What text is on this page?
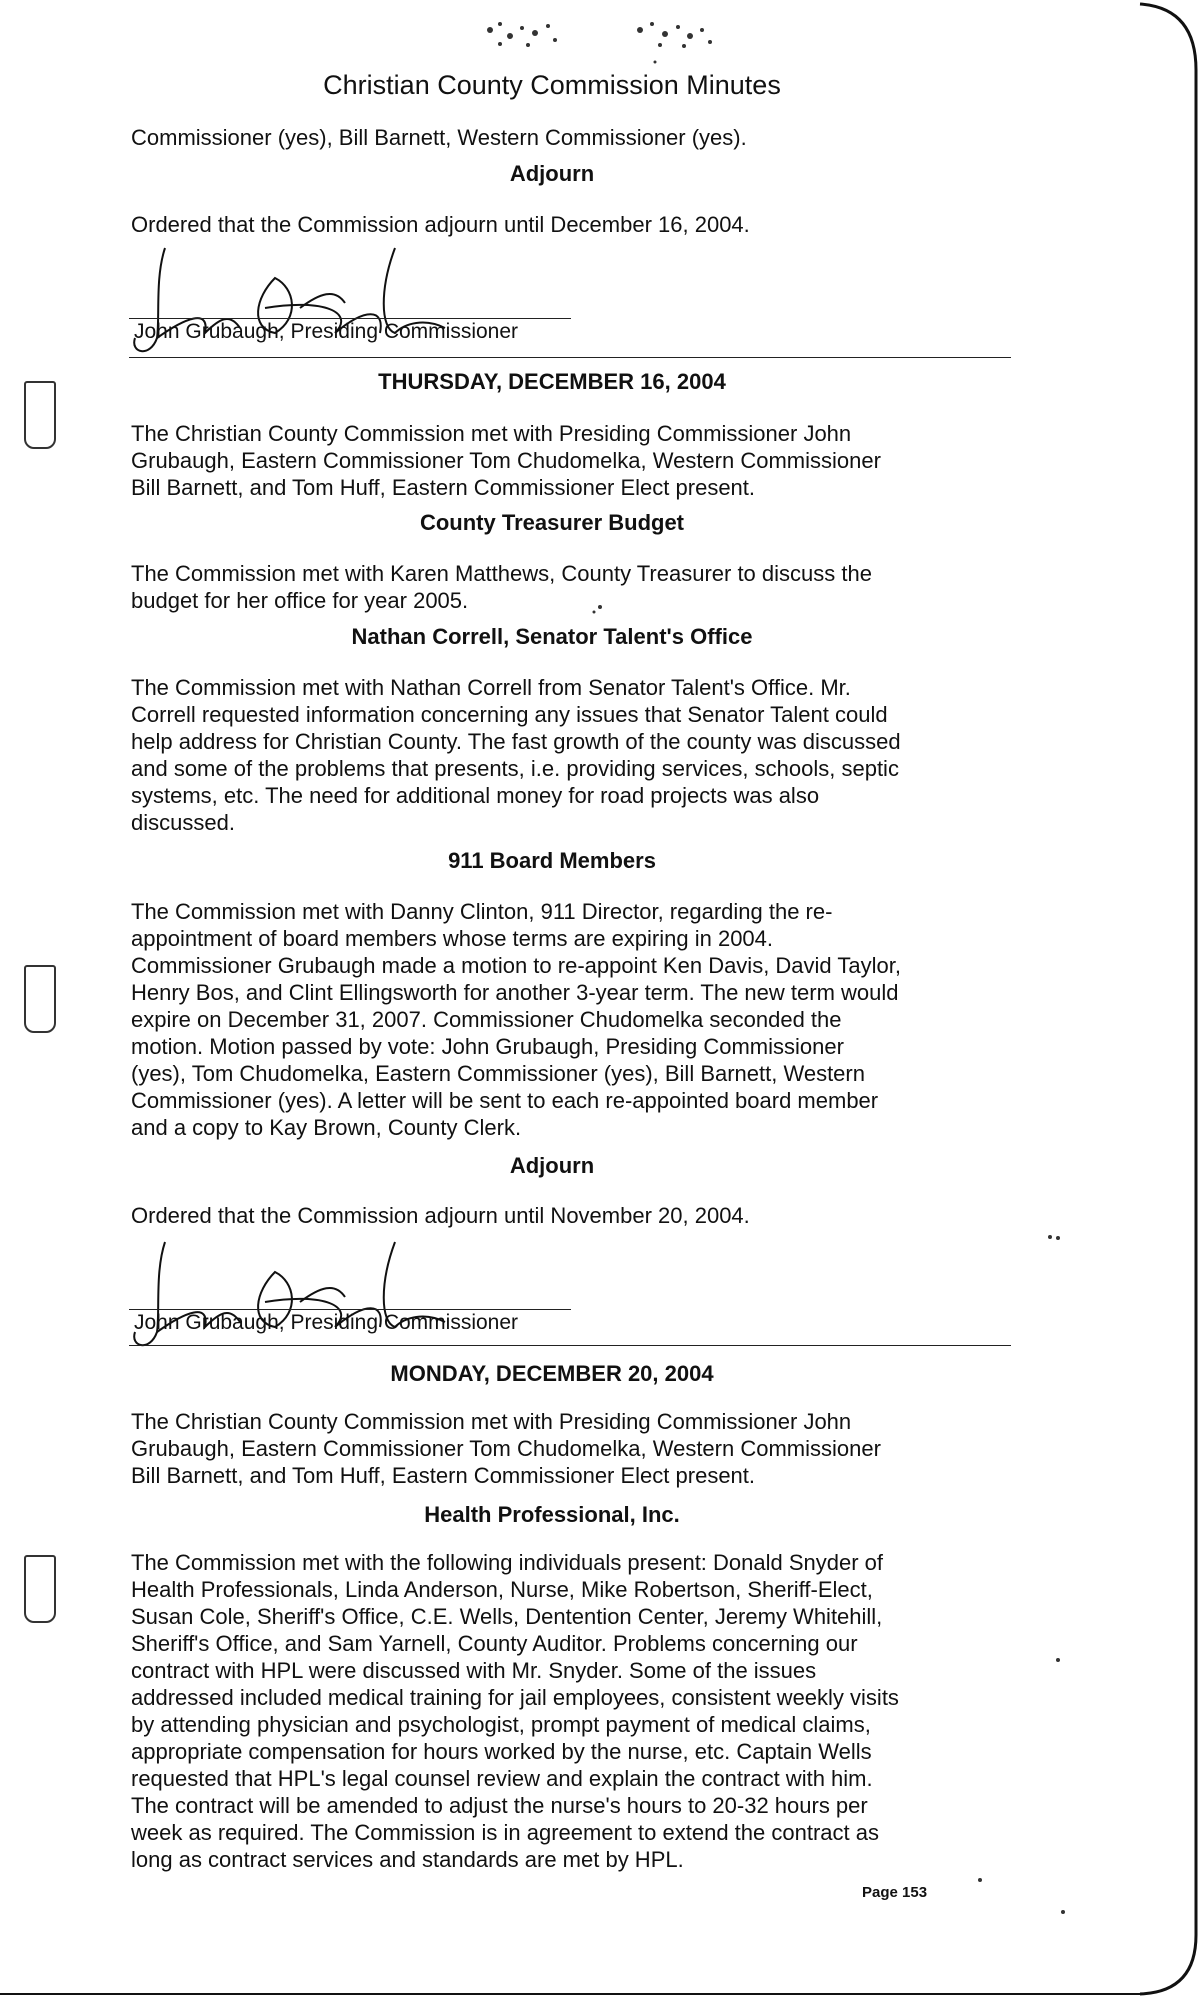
Christian County Commission Minutes
Commissioner (yes), Bill Barnett, Western Commissioner (yes).
Adjourn
Ordered that the Commission adjourn until December 16, 2004.
John Grubaugh, Presiding Commissioner
THURSDAY, DECEMBER 16, 2004
The Christian County Commission met with Presiding Commissioner John
Grubaugh, Eastern Commissioner Tom Chudomelka, Western Commissioner
Bill Barnett, and Tom Huff, Eastern Commissioner Elect present.
County Treasurer Budget
The Commission met with Karen Matthews, County Treasurer to discuss the
budget for her office for year 2005.
Nathan Correll, Senator Talent's Office
The Commission met with Nathan Correll from Senator Talent's Office. Mr.
Correll requested information concerning any issues that Senator Talent could
help address for Christian County. The fast growth of the county was discussed
and some of the problems that presents, i.e. providing services, schools, septic
systems, etc. The need for additional money for road projects was also
discussed.
911 Board Members
The Commission met with Danny Clinton, 911 Director, regarding the re-
appointment of board members whose terms are expiring in 2004.
Commissioner Grubaugh made a motion to re-appoint Ken Davis, David Taylor,
Henry Bos, and Clint Ellingsworth for another 3-year term. The new term would
expire on December 31, 2007. Commissioner Chudomelka seconded the
motion. Motion passed by vote: John Grubaugh, Presiding Commissioner
(yes), Tom Chudomelka, Eastern Commissioner (yes), Bill Barnett, Western
Commissioner (yes). A letter will be sent to each re-appointed board member
and a copy to Kay Brown, County Clerk.
Adjourn
Ordered that the Commission adjourn until November 20, 2004.
John Grubaugh, Presiding Commissioner
MONDAY, DECEMBER 20, 2004
The Christian County Commission met with Presiding Commissioner John
Grubaugh, Eastern Commissioner Tom Chudomelka, Western Commissioner
Bill Barnett, and Tom Huff, Eastern Commissioner Elect present.
Health Professional, Inc.
The Commission met with the following individuals present: Donald Snyder of
Health Professionals, Linda Anderson, Nurse, Mike Robertson, Sheriff-Elect,
Susan Cole, Sheriff's Office, C.E. Wells, Dentention Center, Jeremy Whitehill,
Sheriff's Office, and Sam Yarnell, County Auditor. Problems concerning our
contract with HPL were discussed with Mr. Snyder. Some of the issues
addressed included medical training for jail employees, consistent weekly visits
by attending physician and psychologist, prompt payment of medical claims,
appropriate compensation for hours worked by the nurse, etc. Captain Wells
requested that HPL's legal counsel review and explain the contract with him.
The contract will be amended to adjust the nurse's hours to 20-32 hours per
week as required. The Commission is in agreement to extend the contract as
long as contract services and standards are met by HPL.
Page 153
